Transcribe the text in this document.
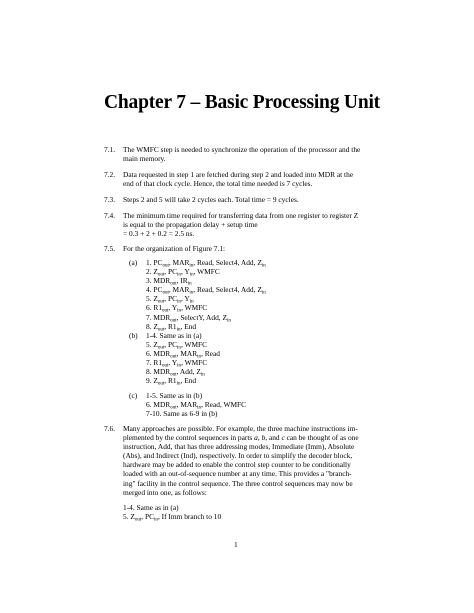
Chapter 7 – Basic Processing Unit
7.1. The WMFC step is needed to synchronize the operation of the processor and the
main memory.
7.2. Data requested in step 1 are fetched during step 2 and loaded into MDR at the
end of that clock cycle. Hence, the total time needed is 7 cycles.
7.3. Steps 2 and 5 will take 2 cycles each. Total time = 9 cycles.
7.4. The minimum time required for transferring data from one register to register Z
is equal to the propagation delay + setup time
= 0.3 + 2 + 0.2 = 2.5 ns.
7.5. For the organization of Figure 7.1:
(a) 1. $PC_{out}$, $MAR_{in}$, Read, Select4, Add, $Z_{in}$
2. $Z_{out}$, $PC_{in}$, $Y_{in}$, WMFC
3. $MDR_{out}$, $IR_{in}$
4. $PC_{out}$, $MAR_{in}$, Read, Select4, Add, $Z_{in}$
5. $Z_{out}$, $PC_{in}$, $Y_{in}$
6. $R1_{out}$, $Y_{in}$, WMFC
7. $MDR_{out}$, SelectY, Add, $Z_{in}$
8. $Z_{out}$, $R1_{in}$, End
(b) 1-4. Same as in (a)
5. $Z_{out}$, $PC_{in}$, WMFC
6. $MDR_{out}$, $MAR_{in}$, Read
7. $R1_{out}$, $Y_{in}$, WMFC
8. $MDR_{out}$, Add, $Z_{in}$
9. $Z_{out}$, $R1_{in}$, End
(c) 1-5. Same as in (b)
6. $MDR_{out}$, $MAR_{in}$, Read, WMFC
7-10. Same as 6-9 in (b)
7.6. Many approaches are possible. For example, the three machine instructions im-
plemented by the control sequences in parts a, b, and c can be thought of as one
instruction, Add, that has three addressing modes, Immediate (Imm), Absolute
(Abs), and Indirect (Ind), respectively. In order to simplify the decoder block,
hardware may be added to enable the control step counter to be conditionally
loaded with an out-of-sequence number at any time. This provides a "branch-
ing" facility in the control sequence. The three control sequences may now be
merged into one, as follows:
1-4. Same as in (a)
5. $Z_{out}$, $PC_{in}$, If Imm branch to 10
1
